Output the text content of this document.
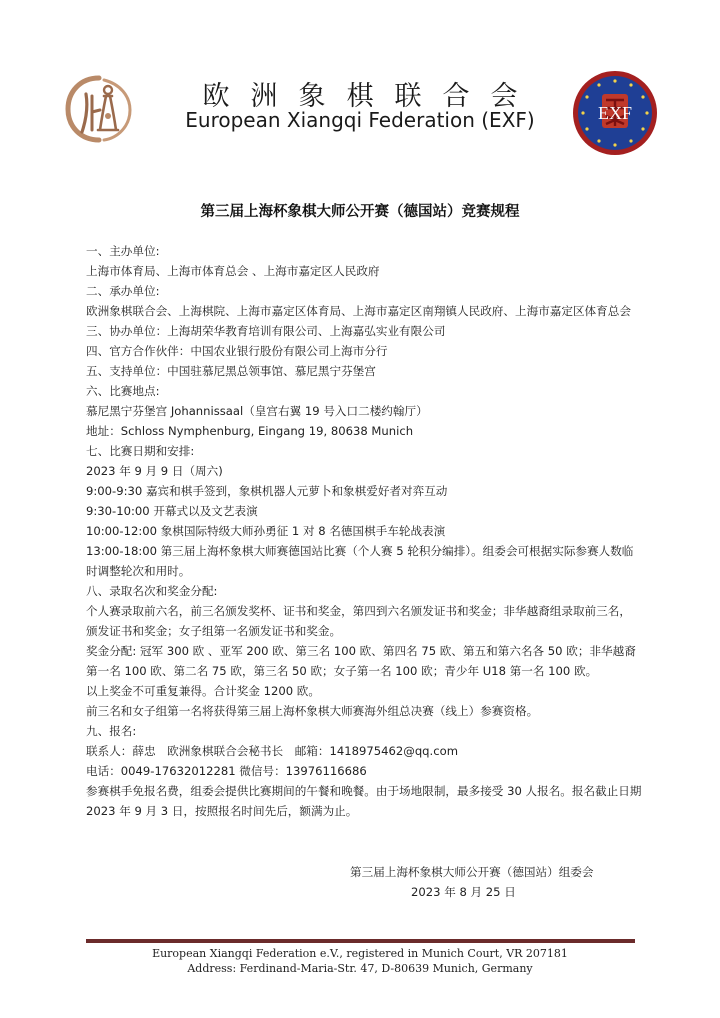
EXF
欧洲象棋联合会
European Xiangqi Federation (EXF)
第三届上海杯象棋大师公开赛（德国站）竞赛规程

一、主办单位:

上海市体育局、上海市体育总会 、上海市嘉定区人民政府

二、承办单位:

欧洲象棋联合会、上海棋院、上海市嘉定区体育局、上海市嘉定区南翔镇人民政府、上海市嘉定区体育总会

三、协办单位：上海胡荣华教育培训有限公司、上海嘉弘实业有限公司

四、官方合作伙伴：中国农业银行股份有限公司上海市分行

五、支持单位：中国驻慕尼黑总领事馆、慕尼黑宁芬堡宫

六、比赛地点:

慕尼黑宁芬堡宫 Johannissaal（皇宫右翼 19 号入口二楼约翰厅）

地址：Schloss Nymphenburg, Eingang 19, 80638 Munich

七、比赛日期和安排:

2023 年 9 月 9 日（周六)

9:00-9:30 嘉宾和棋手签到，象棋机器人元萝卜和象棋爱好者对弈互动

9:30-10:00 开幕式以及文艺表演

10:00-12:00 象棋国际特级大师孙勇征 1 对 8 名德国棋手车轮战表演

13:00-18:00 第三届上海杯象棋大师赛德国站比赛（个人赛 5 轮积分编排）。组委会可根据实际参赛人数临时调整轮次和用时。

八、录取名次和奖金分配:

个人赛录取前六名，前三名颁发奖杯、证书和奖金，第四到六名颁发证书和奖金；非华越裔组录取前三名，颁发证书和奖金；女子组第一名颁发证书和奖金。

奖金分配: 冠军 300 欧 、亚军 200 欧、第三名 100 欧、第四名 75 欧、第五和第六名各 50 欧；非华越裔第一名 100 欧、第二名 75 欧，第三名 50 欧；女子第一名 100 欧；青少年 U18 第一名 100 欧。

以上奖金不可重复兼得。合计奖金 1200 欧。

前三名和女子组第一名将获得第三届上海杯象棋大师赛海外组总决赛（线上）参赛资格。

九、报名:

联系人：薛忠　欧洲象棋联合会秘书长　邮箱：1418975462@qq.com

电话：0049-17632012281 微信号：13976116686

参赛棋手免报名费，组委会提供比赛期间的午餐和晚餐。由于场地限制，最多接受 30 人报名。报名截止日期 2023 年 9 月 3 日，按照报名时间先后，额满为止。

第三届上海杯象棋大师公开赛（德国站）组委会
2023 年 8 月 25 日
European Xiangqi Federation e.V., registered in Munich Court, VR 207181
Address: Ferdinand-Maria-Str. 47, D-80639 Munich, Germany
